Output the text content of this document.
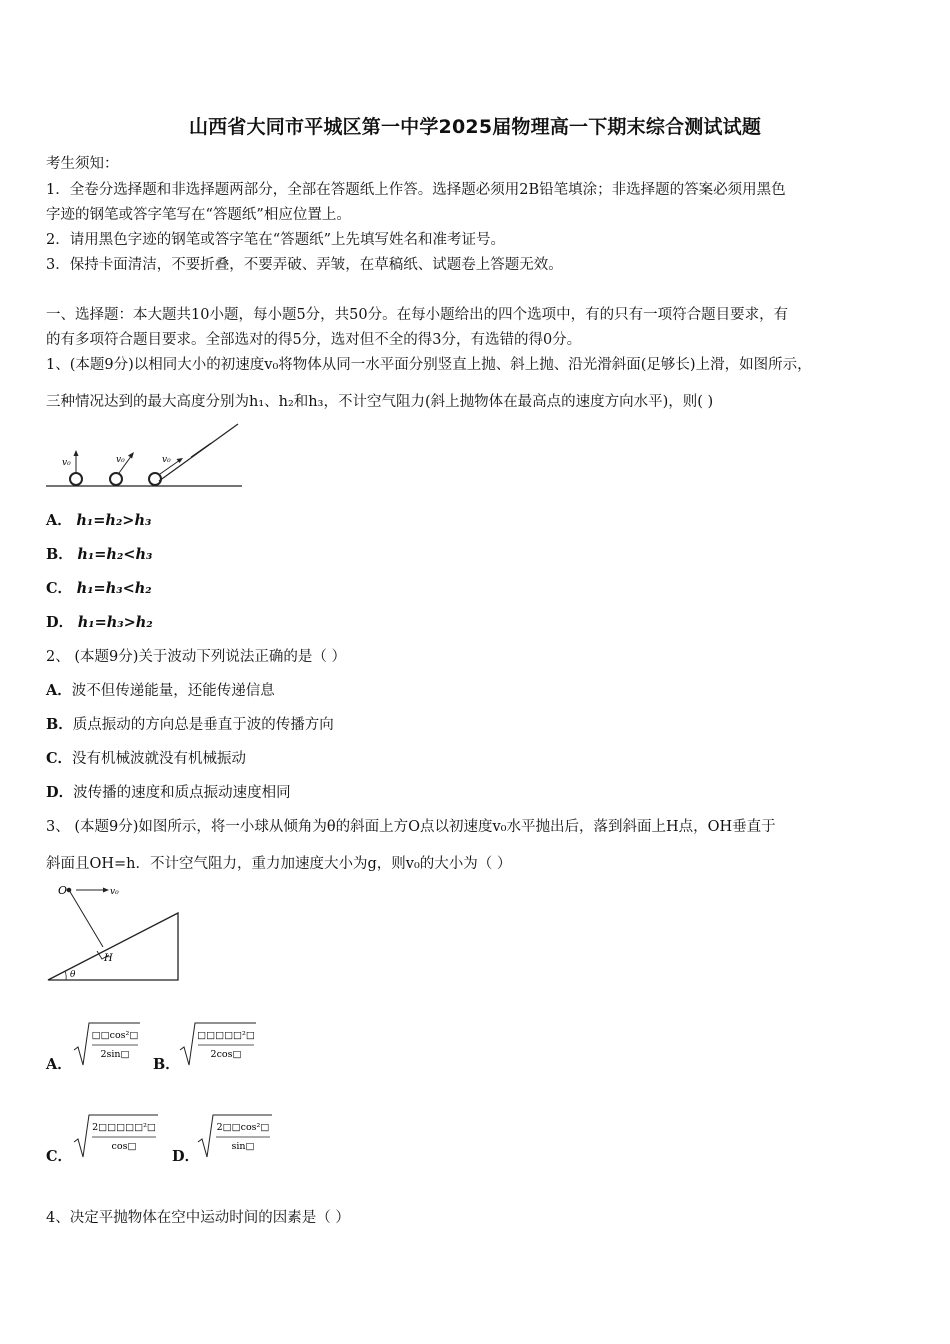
山西省大同市平城区第一中学2025届物理高一下期末综合测试试题
考生须知：
1．全卷分选择题和非选择题两部分，全部在答题纸上作答。选择题必须用2B铅笔填涂；非选择题的答案必须用黑色
字迹的钢笔或答字笔写在“答题纸”相应位置上。
2．请用黑色字迹的钢笔或答字笔在“答题纸”上先填写姓名和准考证号。
3．保持卡面清洁，不要折叠，不要弄破、弄皱，在草稿纸、试题卷上答题无效。
一、选择题：本大题共10小题，每小题5分，共50分。在每小题给出的四个选项中，有的只有一项符合题目要求，有
的有多项符合题目要求。全部选对的得5分，选对但不全的得3分，有选错的得0分。
1、(本题9分)以相同大小的初速度v₀将物体从同一水平面分别竖直上抛、斜上抛、沿光滑斜面(足够长)上滑，如图所示，
三种情况达到的最大高度分别为h₁、h₂和h₃，不计空气阻力(斜上抛物体在最高点的速度方向水平)，则( )
v₀	v₀	v₀
A． h₁=h₂>h₃
B． h₁=h₂<h₃
C． h₁=h₃<h₂
D． h₁=h₃>h₂
2、 (本题9分)关于波动下列说法正确的是（ ）
A．波不但传递能量，还能传递信息
B．质点振动的方向总是垂直于波的传播方向
C．没有机械波就没有机械振动
D．波传播的速度和质点振动速度相同
3、 (本题9分)如图所示，将一小球从倾角为θ的斜面上方O点以初速度v₀水平抛出后，落到斜面上H点，OH垂直于
斜面且OH=h．不计空气阻力，重力加速度大小为g，则v₀的大小为（ ）
O	v₀
H
θ
A．
□□cos²□
2sin□
B．
□□□□□²□
2cos□
C．
2□□□□□²□
cos□
D．
2□□cos²□
sin□
4、决定平抛物体在空中运动时间的因素是（ ）
